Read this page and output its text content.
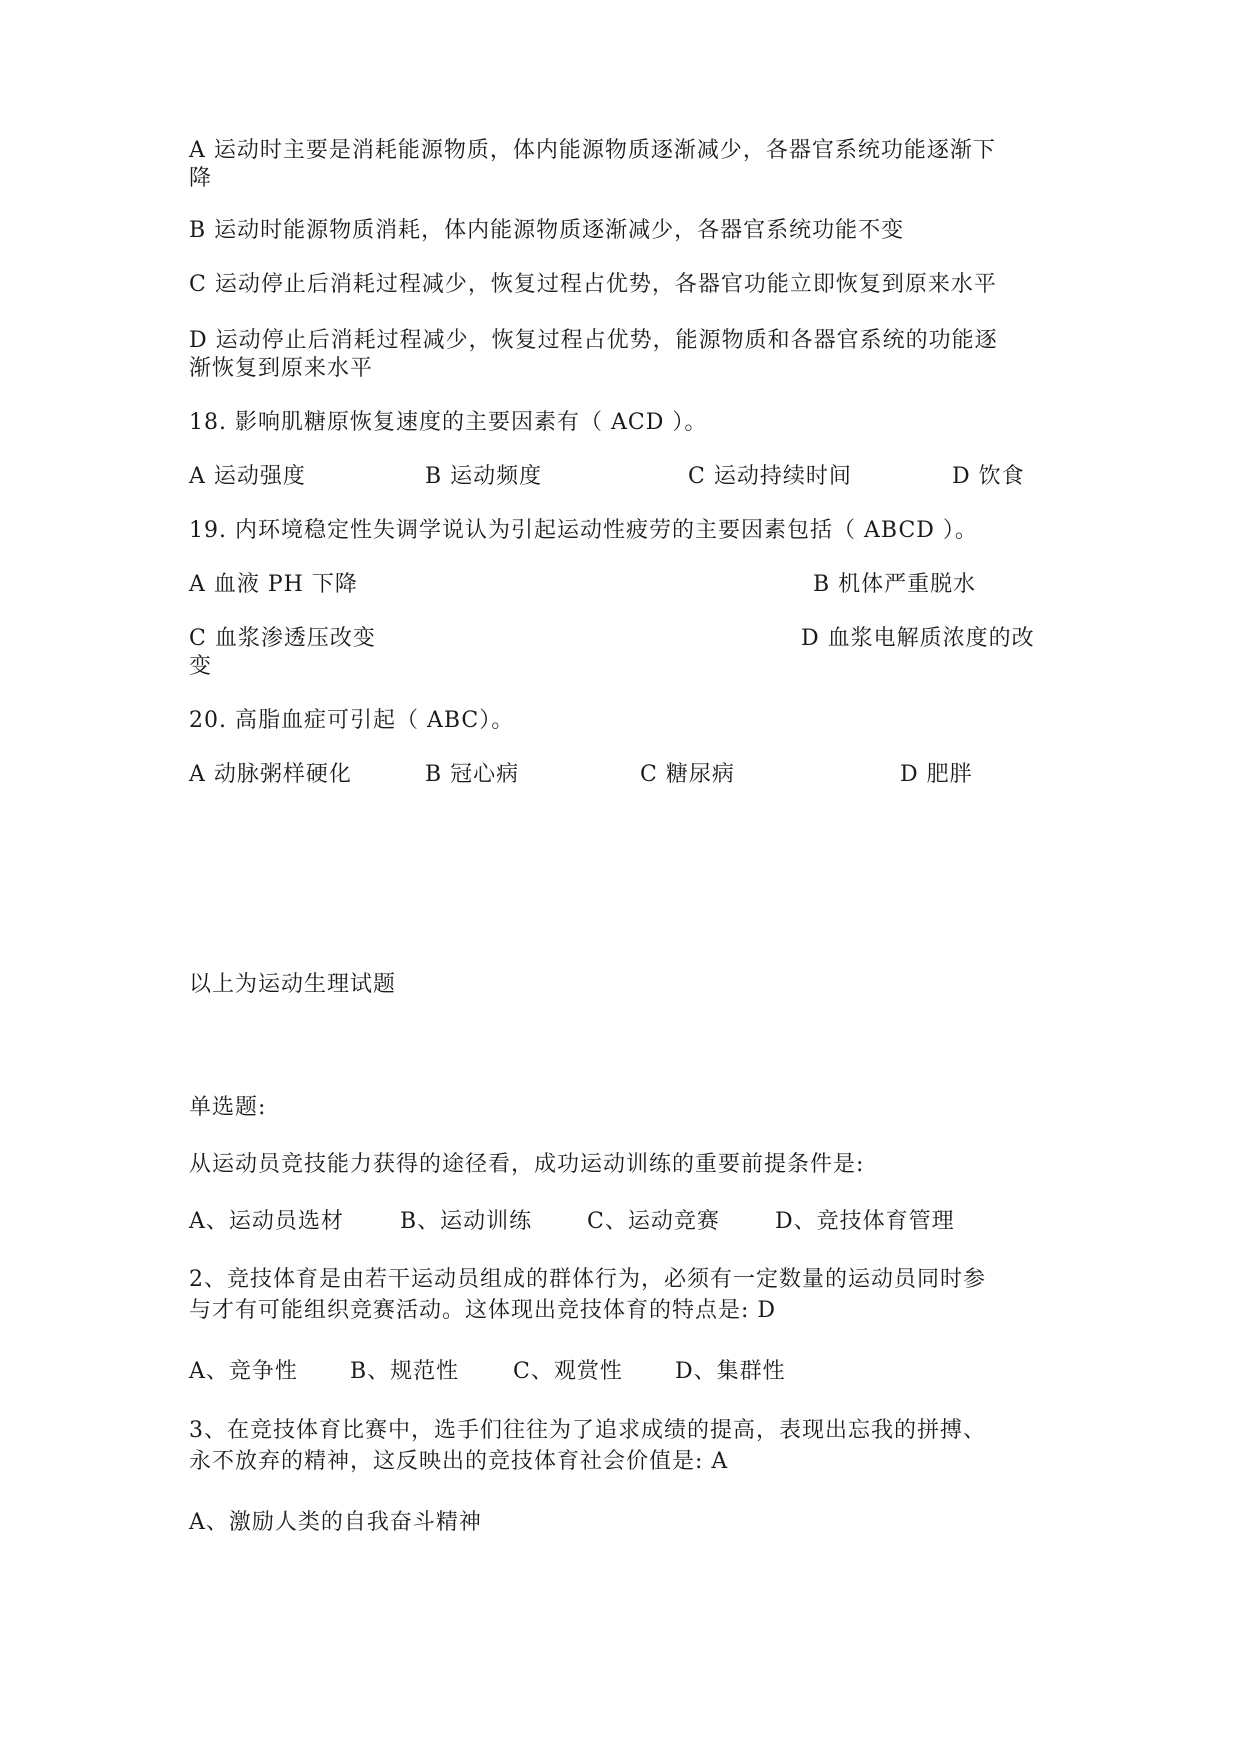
A 运动时主要是消耗能源物质，体内能源物质逐渐减少，各器官系统功能逐渐下
降
B 运动时能源物质消耗，体内能源物质逐渐减少，各器官系统功能不变
C 运动停止后消耗过程减少，恢复过程占优势，各器官功能立即恢复到原来水平
D 运动停止后消耗过程减少，恢复过程占优势，能源物质和各器官系统的功能逐
渐恢复到原来水平
18. 影响肌糖原恢复速度的主要因素有（ ACD ）。
A 运动强度	B 运动频度	C 运动持续时间	D 饮食
19. 内环境稳定性失调学说认为引起运动性疲劳的主要因素包括（ ABCD ）。
A 血液 PH 下降	B 机体严重脱水
C 血浆渗透压改变	D 血浆电解质浓度的改
变
20. 高脂血症可引起（ ABC）。
A 动脉粥样硬化	B 冠心病	C 糖尿病	D 肥胖
以上为运动生理试题
单选题:
从运动员竞技能力获得的途径看，成功运动训练的重要前提条件是:
A、运动员选材	B、运动训练 C、运动竞赛	D、竞技体育管理
2、竞技体育是由若干运动员组成的群体行为，必须有一定数量的运动员同时参
与才有可能组织竞赛活动。这体现出竞技体育的特点是: D
A、竞争性 B、规范性 C、观赏性 D、集群性
3、在竞技体育比赛中，选手们往往为了追求成绩的提高，表现出忘我的拼搏、
永不放弃的精神，这反映出的竞技体育社会价值是: A
A、激励人类的自我奋斗精神
